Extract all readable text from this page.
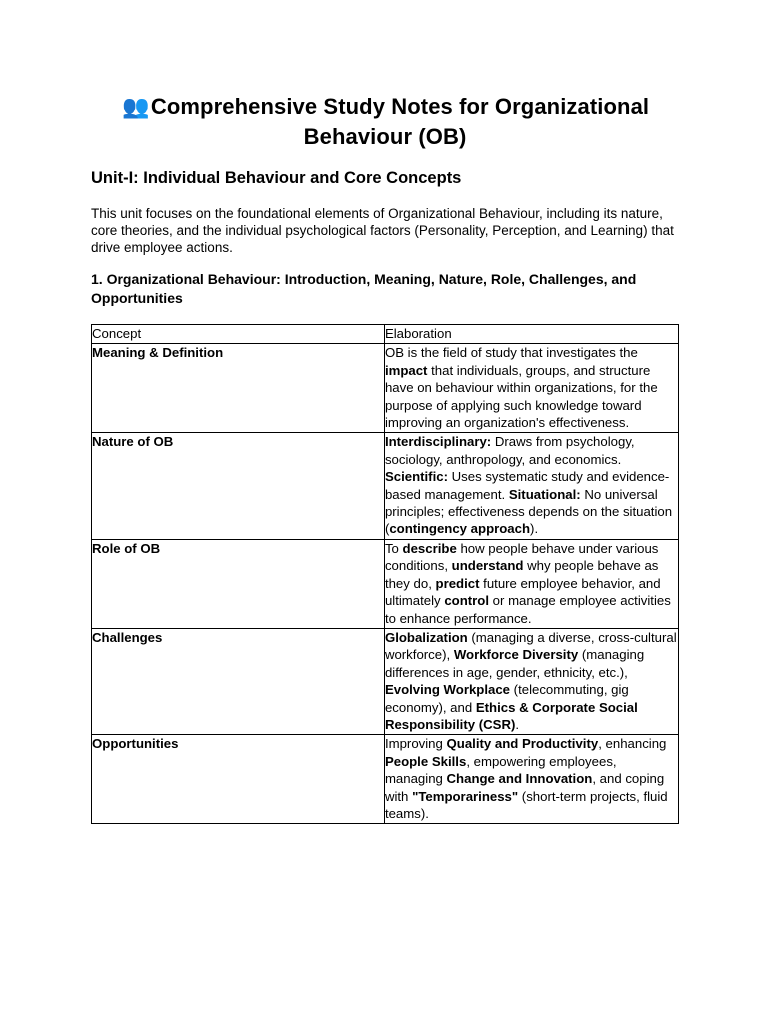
👥Comprehensive Study Notes for Organizational Behaviour (OB)
Unit-I: Individual Behaviour and Core Concepts

This unit focuses on the foundational elements of Organizational Behaviour, including its nature, core theories, and the individual psychological factors (Personality, Perception, and Learning) that drive employee actions.

1. Organizational Behaviour: Introduction, Meaning, Nature, Role, Challenges, and Opportunities
Concept	Elaboration
Meaning & Definition	OB is the field of study that investigates the impact that individuals, groups, and structure have on behaviour within organizations, for the purpose of applying such knowledge toward improving an organization's effectiveness.
Nature of OB	Interdisciplinary: Draws from psychology, sociology, anthropology, and economics. Scientific: Uses systematic study and evidence-based management. Situational: No universal principles; effectiveness depends on the situation (contingency approach).
Role of OB	To describe how people behave under various conditions, understand why people behave as they do, predict future employee behavior, and ultimately control or manage employee activities to enhance performance.
Challenges	Globalization (managing a diverse, cross-cultural workforce), Workforce Diversity (managing differences in age, gender, ethnicity, etc.), Evolving Workplace (telecommuting, gig economy), and Ethics & Corporate Social Responsibility (CSR).
Opportunities	Improving Quality and Productivity, enhancing People Skills, empowering employees, managing Change and Innovation, and coping with "Temporariness" (short-term projects, fluid teams).
